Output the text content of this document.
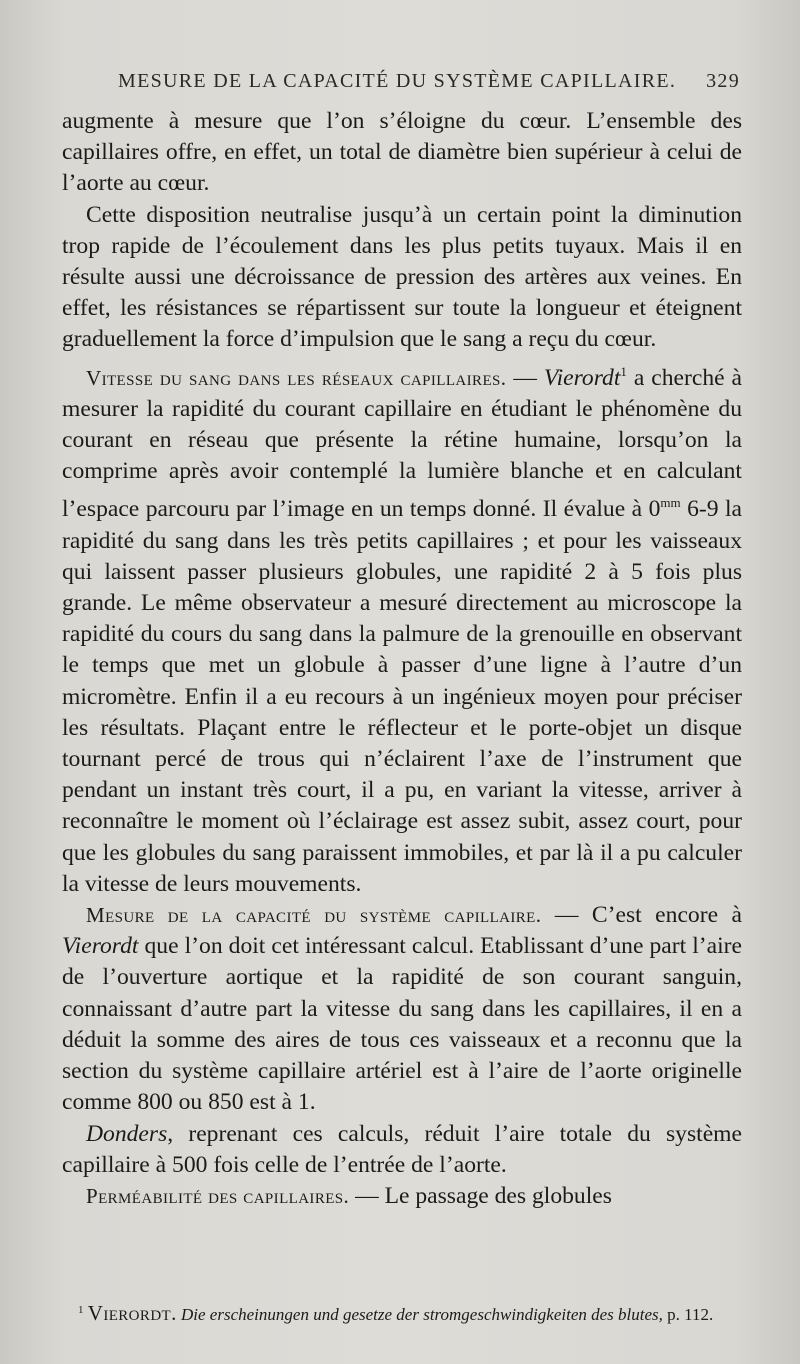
MESURE DE LA CAPACITÉ DU SYSTÈME CAPILLAIRE. 329

augmente à mesure que l’on s’éloigne du cœur. L’ensemble des capillaires offre, en effet, un total de diamètre bien supérieur à celui de l’aorte au cœur.

Cette disposition neutralise jusqu’à un certain point la diminution trop rapide de l’écoulement dans les plus petits tuyaux. Mais il en résulte aussi une décroissance de pression des artères aux veines. En effet, les résistances se répartissent sur toute la longueur et éteignent graduellement la force d’impulsion que le sang a reçu du cœur.

Vitesse du sang dans les réseaux capillaires. — Vierordt$^1$ a cherché à mesurer la rapidité du courant capillaire en étudiant le phénomène du courant en réseau que présente la rétine humaine, lorsqu’on la comprime après avoir contemplé la lumière blanche et en calculant l’espace parcouru par l’image en un temps donné. Il évalue à $0^{mm}$ 6-9 la rapidité du sang dans les très petits capillaires ; et pour les vaisseaux qui laissent passer plusieurs globules, une rapidité 2 à 5 fois plus grande. Le même observateur a mesuré directement au microscope la rapidité du cours du sang dans la palmure de la grenouille en observant le temps que met un globule à passer d’une ligne à l’autre d’un micromètre. Enfin il a eu recours à un ingénieux moyen pour préciser les résultats. Plaçant entre le réflecteur et le porte-objet un disque tournant percé de trous qui n’éclairent l’axe de l’instrument que pendant un instant très court, il a pu, en variant la vitesse, arriver à reconnaître le moment où l’éclairage est assez subit, assez court, pour que les globules du sang paraissent immobiles, et par là il a pu calculer la vitesse de leurs mouvements.

Mesure de la capacité du système capillaire. — C’est encore à Vierordt que l’on doit cet intéressant calcul. Etablissant d’une part l’aire de l’ouverture aortique et la rapidité de son courant sanguin, connaissant d’autre part la vitesse du sang dans les capillaires, il en a déduit la somme des aires de tous ces vaisseaux et a reconnu que la section du système capillaire artériel est à l’aire de l’aorte originelle comme 800 ou 850 est à 1.

Donders, reprenant ces calculs, réduit l’aire totale du système capillaire à 500 fois celle de l’entrée de l’aorte.

Perméabilité des capillaires. — Le passage des globules

$^1$ Vierordt. Die erscheinungen und gesetze der stromgeschwindigkeiten des blutes, p. 112.
